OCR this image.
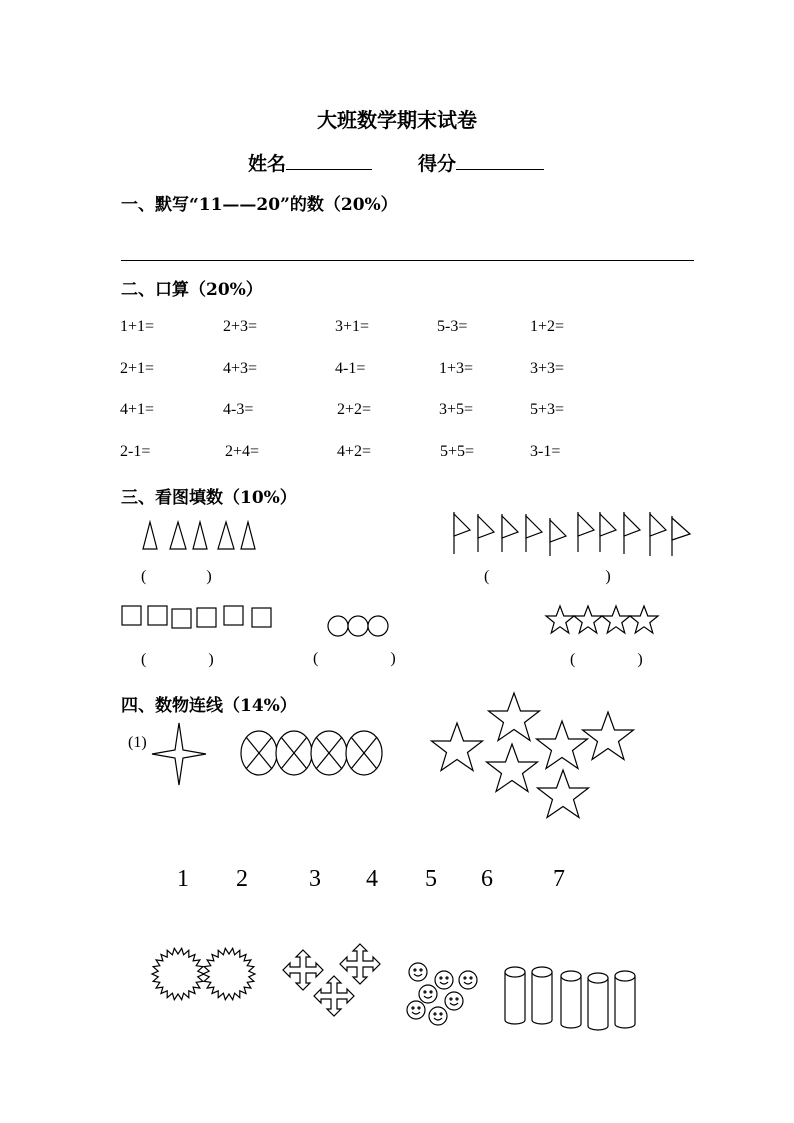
大班数学期末试卷
姓名	得分
一、默写“11——20”的数（20%）
二、口算（20%）
1+1=	2+3=	3+1=	5-3=	1+2=
2+1=	4+3=	4-1=	1+3=	3+3=
4+1=	4-3=	2+2=	3+5=	5+3=
2-1=	2+4=	4+2=	5+5=	3-1=
三、看图填数（10%）
(	)	(	)
(	)	(	)	(	)
四、数物连线（14%）
(1)
1 2	3 4 5 6	7
